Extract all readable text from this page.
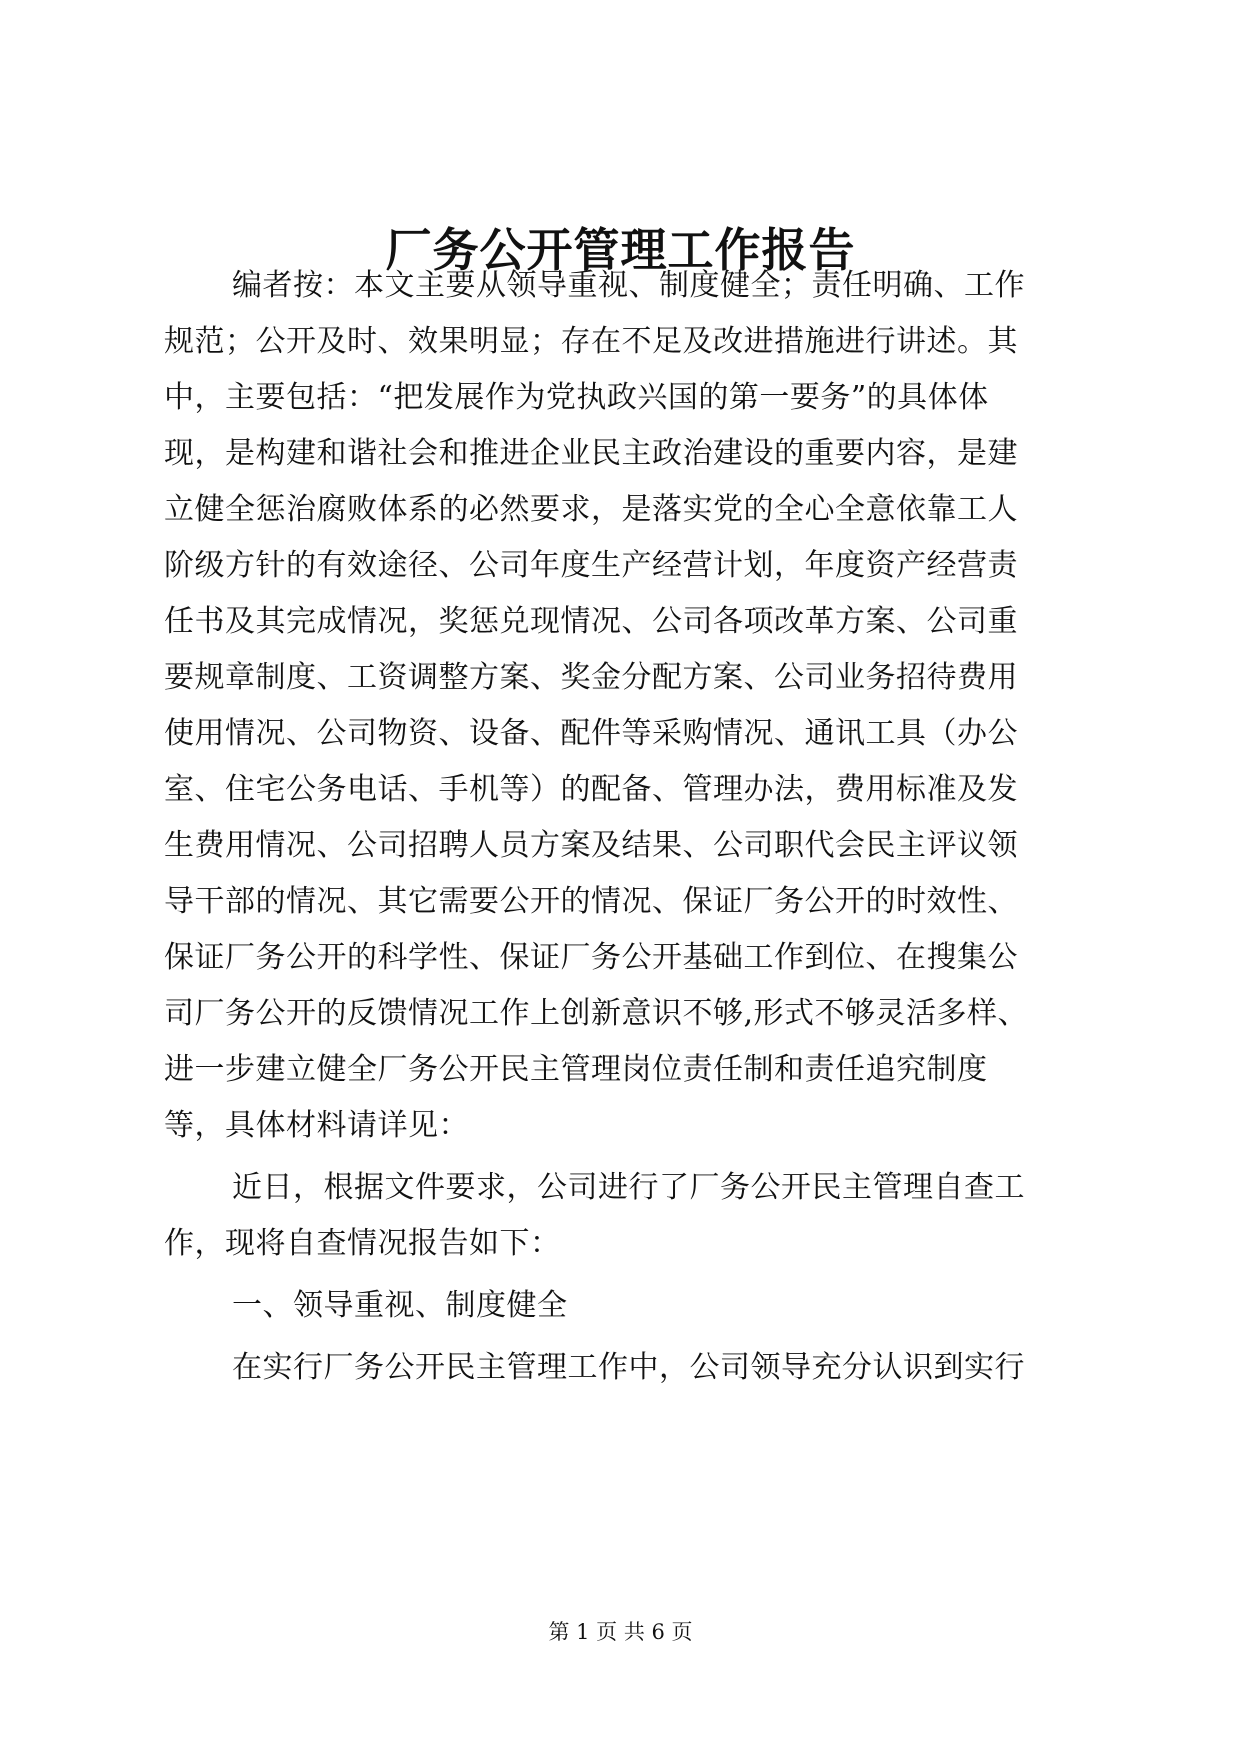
厂务公开管理工作报告
编者按：本文主要从领导重视、制度健全；责任明确、工作
规范；公开及时、效果明显；存在不足及改进措施进行讲述。其
中，主要包括：“把发展作为党执政兴国的第一要务”的具体体
现，是构建和谐社会和推进企业民主政治建设的重要内容，是建
立健全惩治腐败体系的必然要求，是落实党的全心全意依靠工人
阶级方针的有效途径、公司年度生产经营计划，年度资产经营责
任书及其完成情况，奖惩兑现情况、公司各项改革方案、公司重
要规章制度、工资调整方案、奖金分配方案、公司业务招待费用
使用情况、公司物资、设备、配件等采购情况、通讯工具（办公
室、住宅公务电话、手机等）的配备、管理办法，费用标准及发
生费用情况、公司招聘人员方案及结果、公司职代会民主评议领
导干部的情况、其它需要公开的情况、保证厂务公开的时效性、
保证厂务公开的科学性、保证厂务公开基础工作到位、在搜集公
司厂务公开的反馈情况工作上创新意识不够,形式不够灵活多样、
进一步建立健全厂务公开民主管理岗位责任制和责任追究制度
等，具体材料请详见：
近日，根据文件要求，公司进行了厂务公开民主管理自查工
作，现将自查情况报告如下：
一、领导重视、制度健全
在实行厂务公开民主管理工作中，公司领导充分认识到实行
第 1 页 共 6 页
